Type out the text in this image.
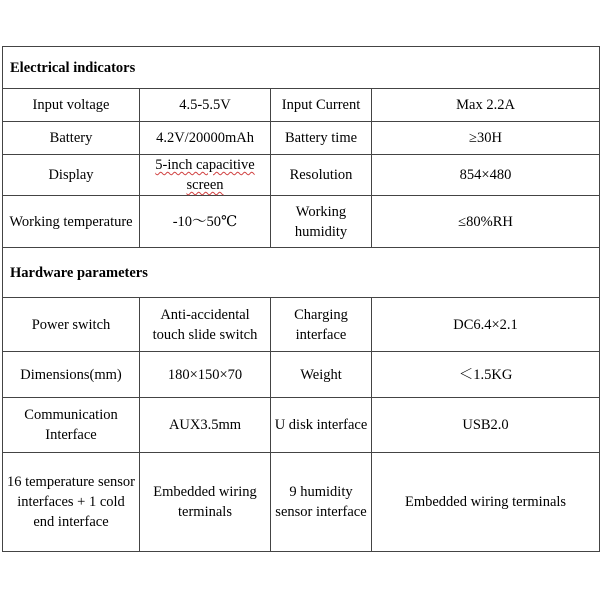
Electrical indicators			
Input voltage	4.5-5.5V	Input Current	Max 2.2A
Battery	4.2V/20000mAh	Battery time	≥30H
Display	5-inch capacitive screen	Resolution	854×480
Working temperature	-10～50℃	Working humidity	≤80%RH
Hardware parameters			
Power switch	Anti-accidental touch slide switch	Charging interface	DC6.4×2.1
Dimensions(mm)	180×150×70	Weight	＜1.5KG
Communication Interface	AUX3.5mm	U disk interface	USB2.0
16 temperature sensor interfaces + 1 cold end interface	Embedded wiring terminals	9 humidity sensor interface	Embedded wiring terminals
